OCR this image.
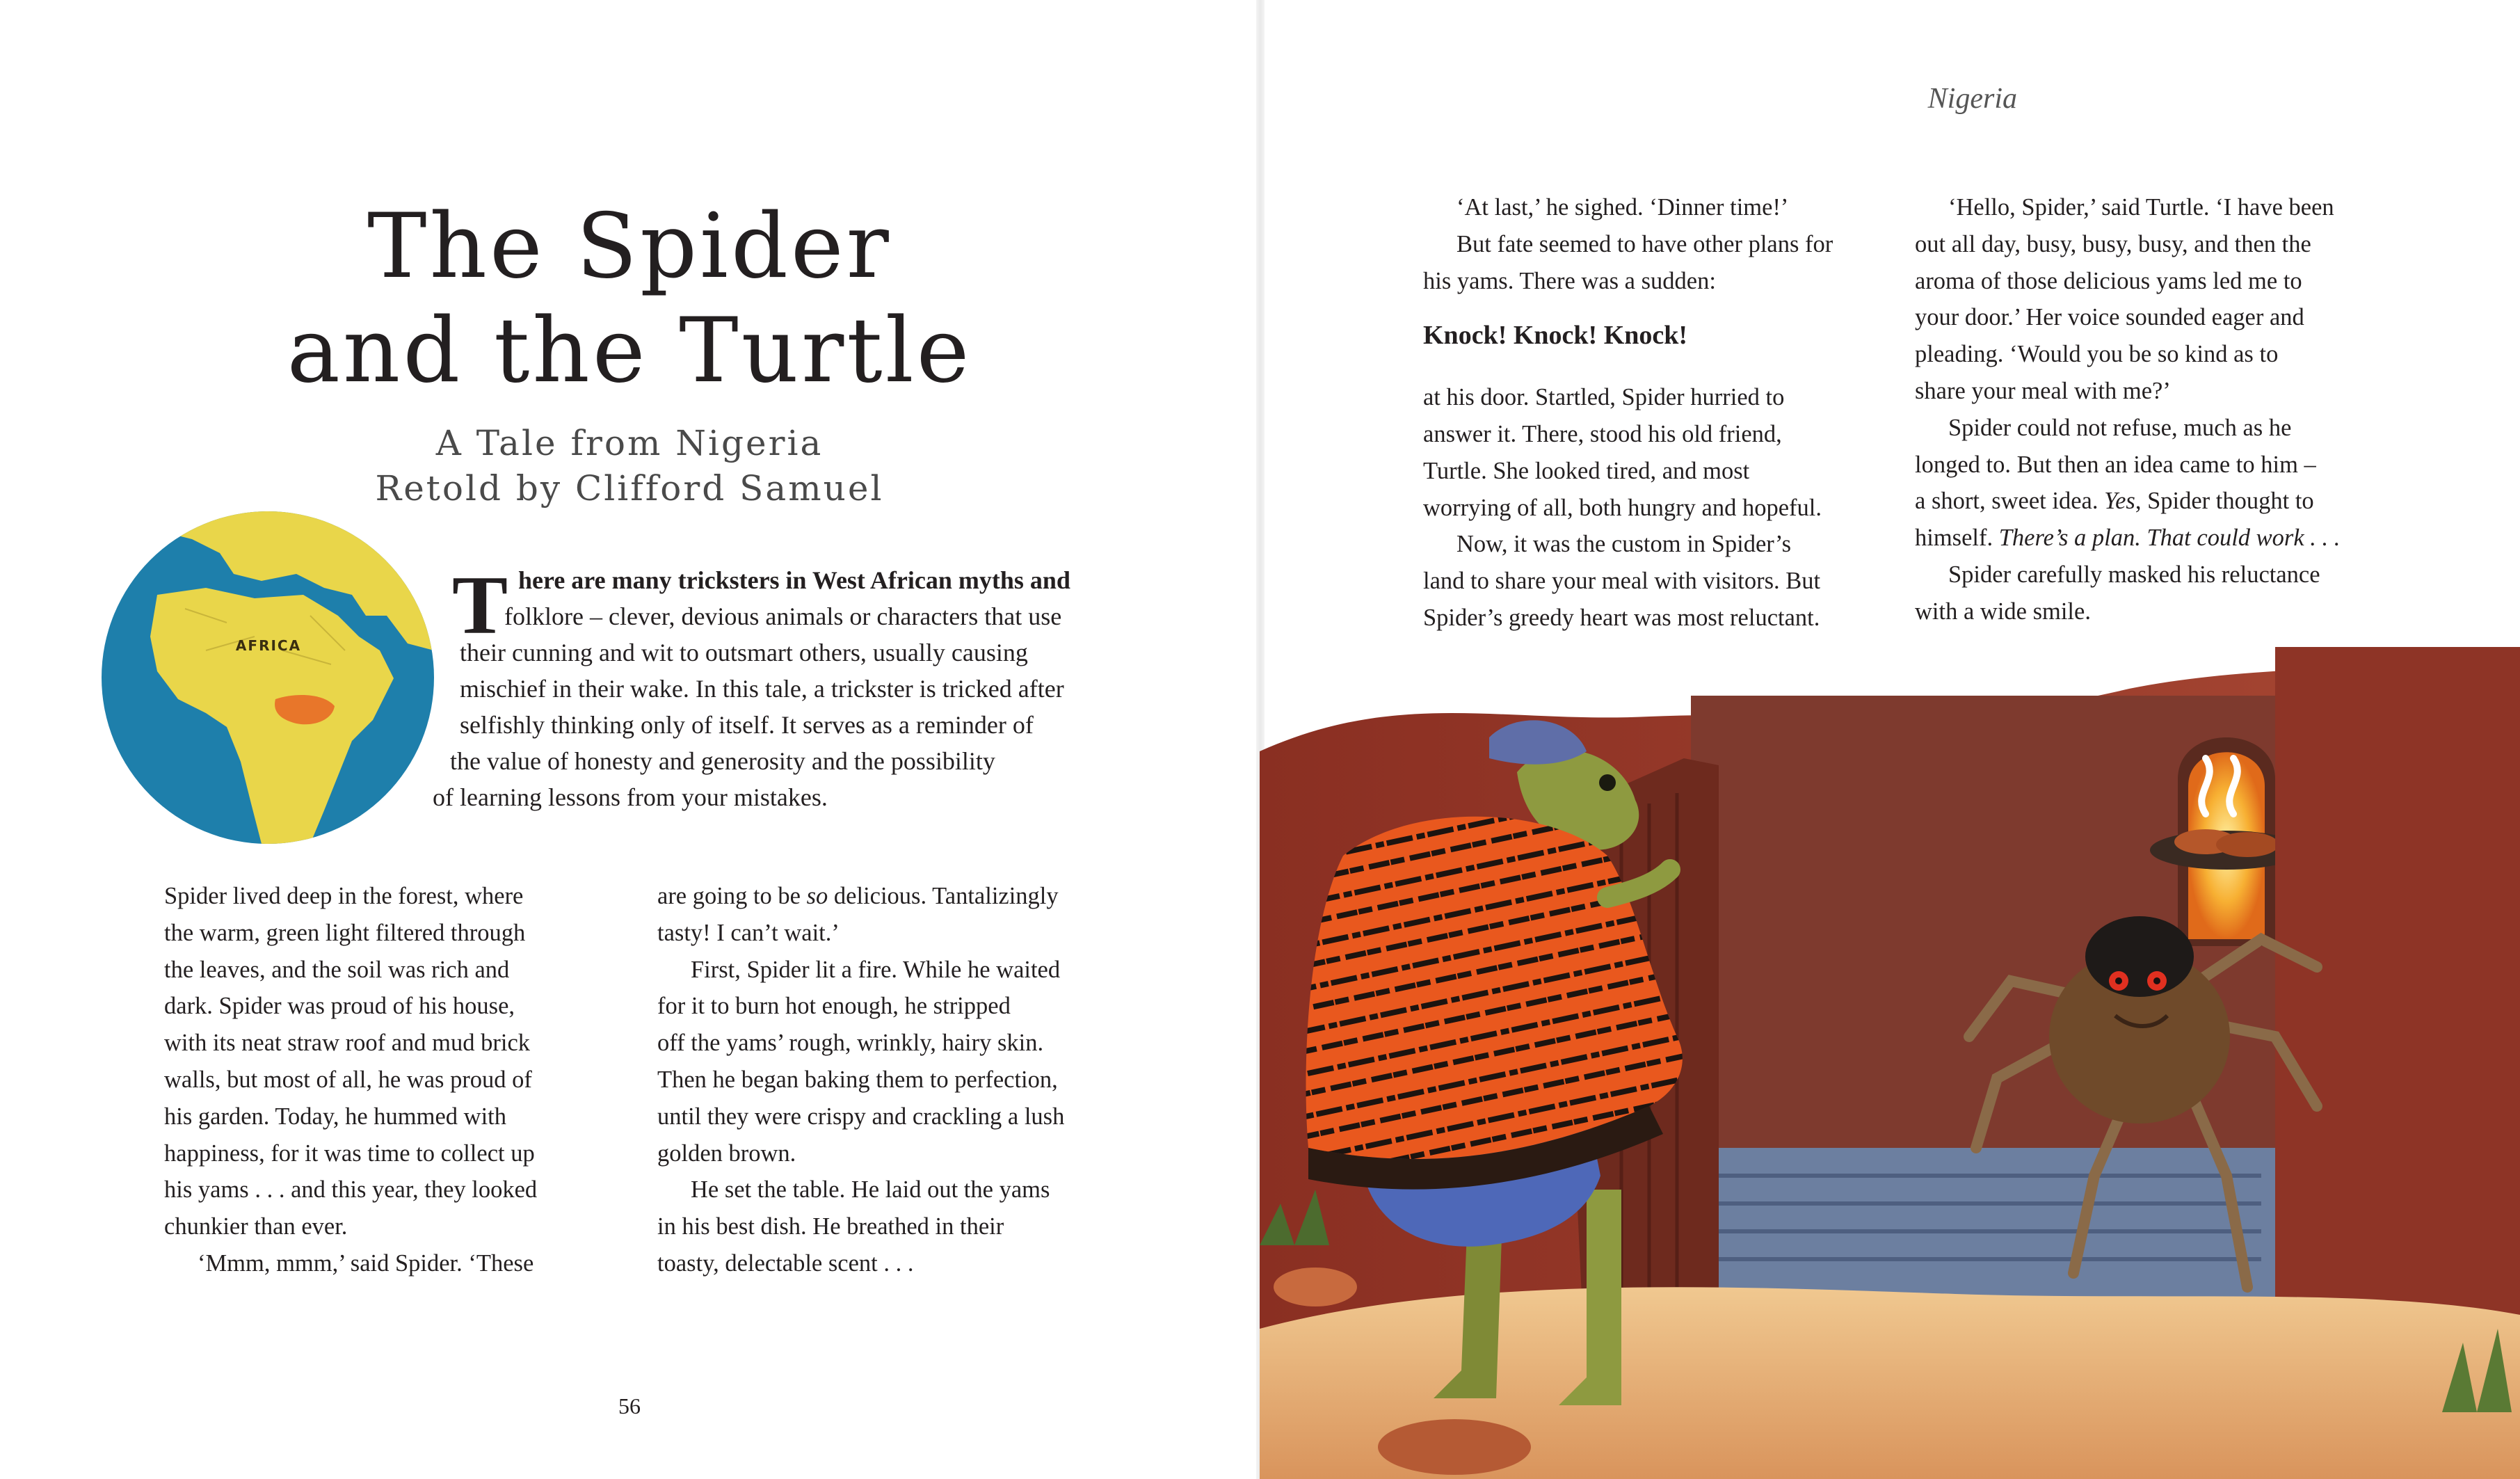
The Spider
and the Turtle
A Tale from Nigeria
Retold by Clifford Samuel
AFRICA T here are many tricksters in West African myths and
folklore – clever, devious animals or characters that use
their cunning and wit to outsmart others, usually causing
mischief in their wake. In this tale, a trickster is tricked after
selfishly thinking only of itself. It serves as a reminder of
the value of honesty and generosity and the possibility
of learning lessons from your mistakes.

Spider lived deep in the forest, where

the warm, green light filtered through

the leaves, and the soil was rich and

dark. Spider was proud of his house,

with its neat straw roof and mud brick

walls, but most of all, he was proud of

his garden. Today, he hummed with

happiness, for it was time to collect up

his yams . . . and this year, they looked

chunkier than ever.

‘Mmm, mmm,’ said Spider. ‘These

are going to be so delicious. Tantalizingly

tasty! I can’t wait.’

First, Spider lit a fire. While he waited

for it to burn hot enough, he stripped

off the yams’ rough, wrinkly, hairy skin.

Then he began baking them to perfection,

until they were crispy and crackling a lush

golden brown.

He set the table. He laid out the yams

in his best dish. He breathed in their

toasty, delectable scent . . .

56
Nigeria

‘At last,’ he sighed. ‘Dinner time!’

But fate seemed to have other plans for

his yams. There was a sudden:

Knock! Knock! Knock!

at his door. Startled, Spider hurried to

answer it. There, stood his old friend,

Turtle. She looked tired, and most

worrying of all, both hungry and hopeful.

Now, it was the custom in Spider’s

land to share your meal with visitors. But

Spider’s greedy heart was most reluctant.

‘Hello, Spider,’ said Turtle. ‘I have been

out all day, busy, busy, busy, and then the

aroma of those delicious yams led me to

your door.’ Her voice sounded eager and

pleading. ‘Would you be so kind as to

share your meal with me?’

Spider could not refuse, much as he

longed to. But then an idea came to him –

a short, sweet idea. Yes, Spider thought to

himself. There’s a plan. That could work . . .

Spider carefully masked his reluctance

with a wide smile.
